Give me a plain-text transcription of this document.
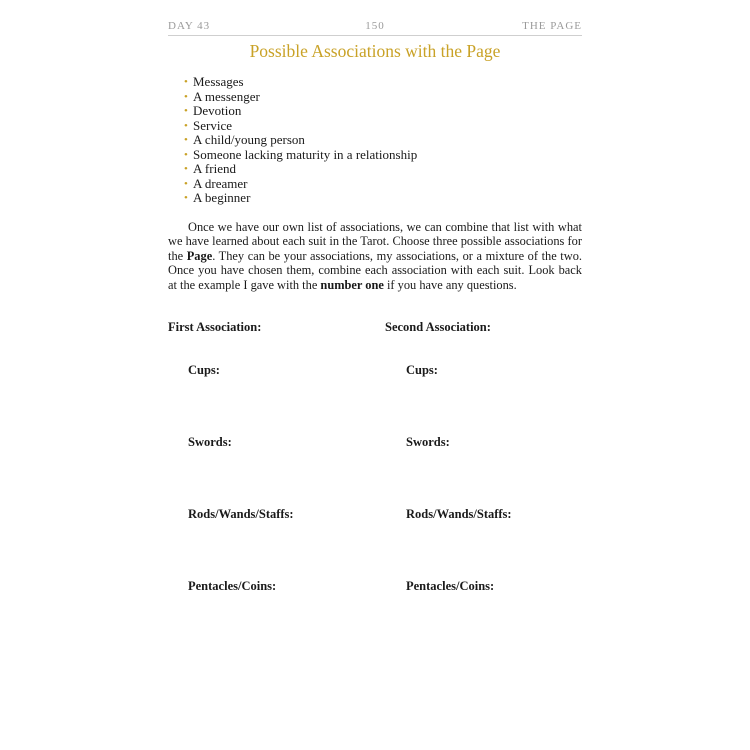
DAY 43	150	THE PAGE
Possible Associations with the Page
• Messages
• A messenger
• Devotion
• Service
• A child/young person
• Someone lacking maturity in a relationship
• A friend
• A dreamer
• A beginner

Once we have our own list of associations, we can combine that list with what we have learned about each suit in the Tarot. Choose three possible associations for the Page. They can be your associations, my associations, or a mixture of the two. Once you have chosen them, combine each association with each suit. Look back at the example I gave with the number one if you have any questions.

First Association:	Second Association:
Cups:	Cups:
Swords:	Swords:
Rods/Wands/Staffs:	Rods/Wands/Staffs:
Pentacles/Coins:	Pentacles/Coins:
